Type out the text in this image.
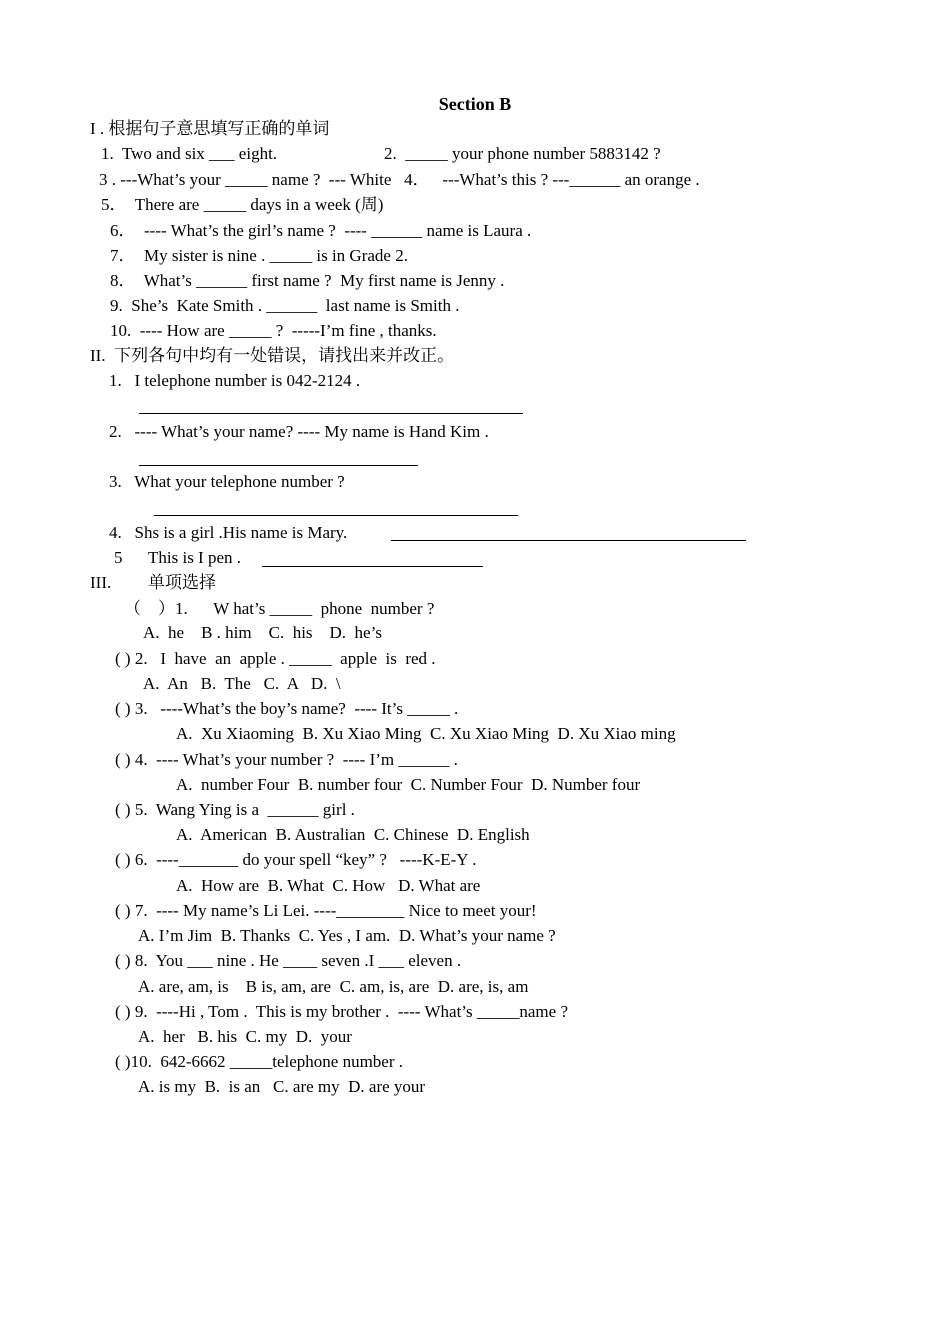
Section B
I . 根据句子意思填写正确的单词
1.  Two and six ___ eight.	2.  _____ your phone number 5883142 ?
3 . ---What’s your _____ name ?  --- White   4．   ---What’s this ? ---______ an orange .
5．  There are _____ days in a week (周)
6．  ---- What’s the girl’s name ?  ---- ______ name is Laura .
7．  My sister is nine . _____ is in Grade 2.
8．  What’s ______ first name ?  My first name is Jenny .
9.  She’s  Kate Smith . ______  last name is Smith .
10.  ---- How are _____ ?  -----I’m fine , thanks.
II.  下列各句中均有一处错误，请找出来并改正。
1.   I telephone number is 042-2124 .
2.   ---- What’s your name? ---- My name is Hand Kim .
3.   What your telephone number ?
4.   Shs is a girl .His name is Mary.
5 This is I pen .
III. 单项选择
（    ）1.      W hat’s _____  phone  number ?
A.  he    B . him    C.  his    D.  he’s
( ) 2.   I  have  an  apple . _____  apple  is  red .
A.  An   B.  The   C.  A   D.  \
( ) 3.   ----What’s the boy’s name?  ---- It’s _____ .
A.  Xu Xiaoming  B. Xu Xiao Ming  C. Xu Xiao Ming  D. Xu Xiao ming
( ) 4.  ---- What’s your number ?  ---- I’m ______ .
A.  number Four  B. number four  C. Number Four  D. Number four
( ) 5.  Wang Ying is a  ______ girl .
A.  American  B. Australian  C. Chinese  D. English
( ) 6.  ----_______ do your spell “key” ?   ----K-E-Y .
A.  How are  B. What  C. How   D. What are
( ) 7.  ---- My name’s Li Lei. ----________ Nice to meet your!
A. I’m Jim  B. Thanks  C. Yes , I am.  D. What’s your name ?
( ) 8.  You ___ nine . He ____ seven .I ___ eleven .
A. are, am, is    B is, am, are  C. am, is, are  D. are, is, am
( ) 9.  ----Hi , Tom .  This is my brother .  ---- What’s _____name ?
A.  her   B. his  C. my  D.  your
( )10.  642-6662 _____telephone number .
A. is my  B.  is an   C. are my  D. are your
